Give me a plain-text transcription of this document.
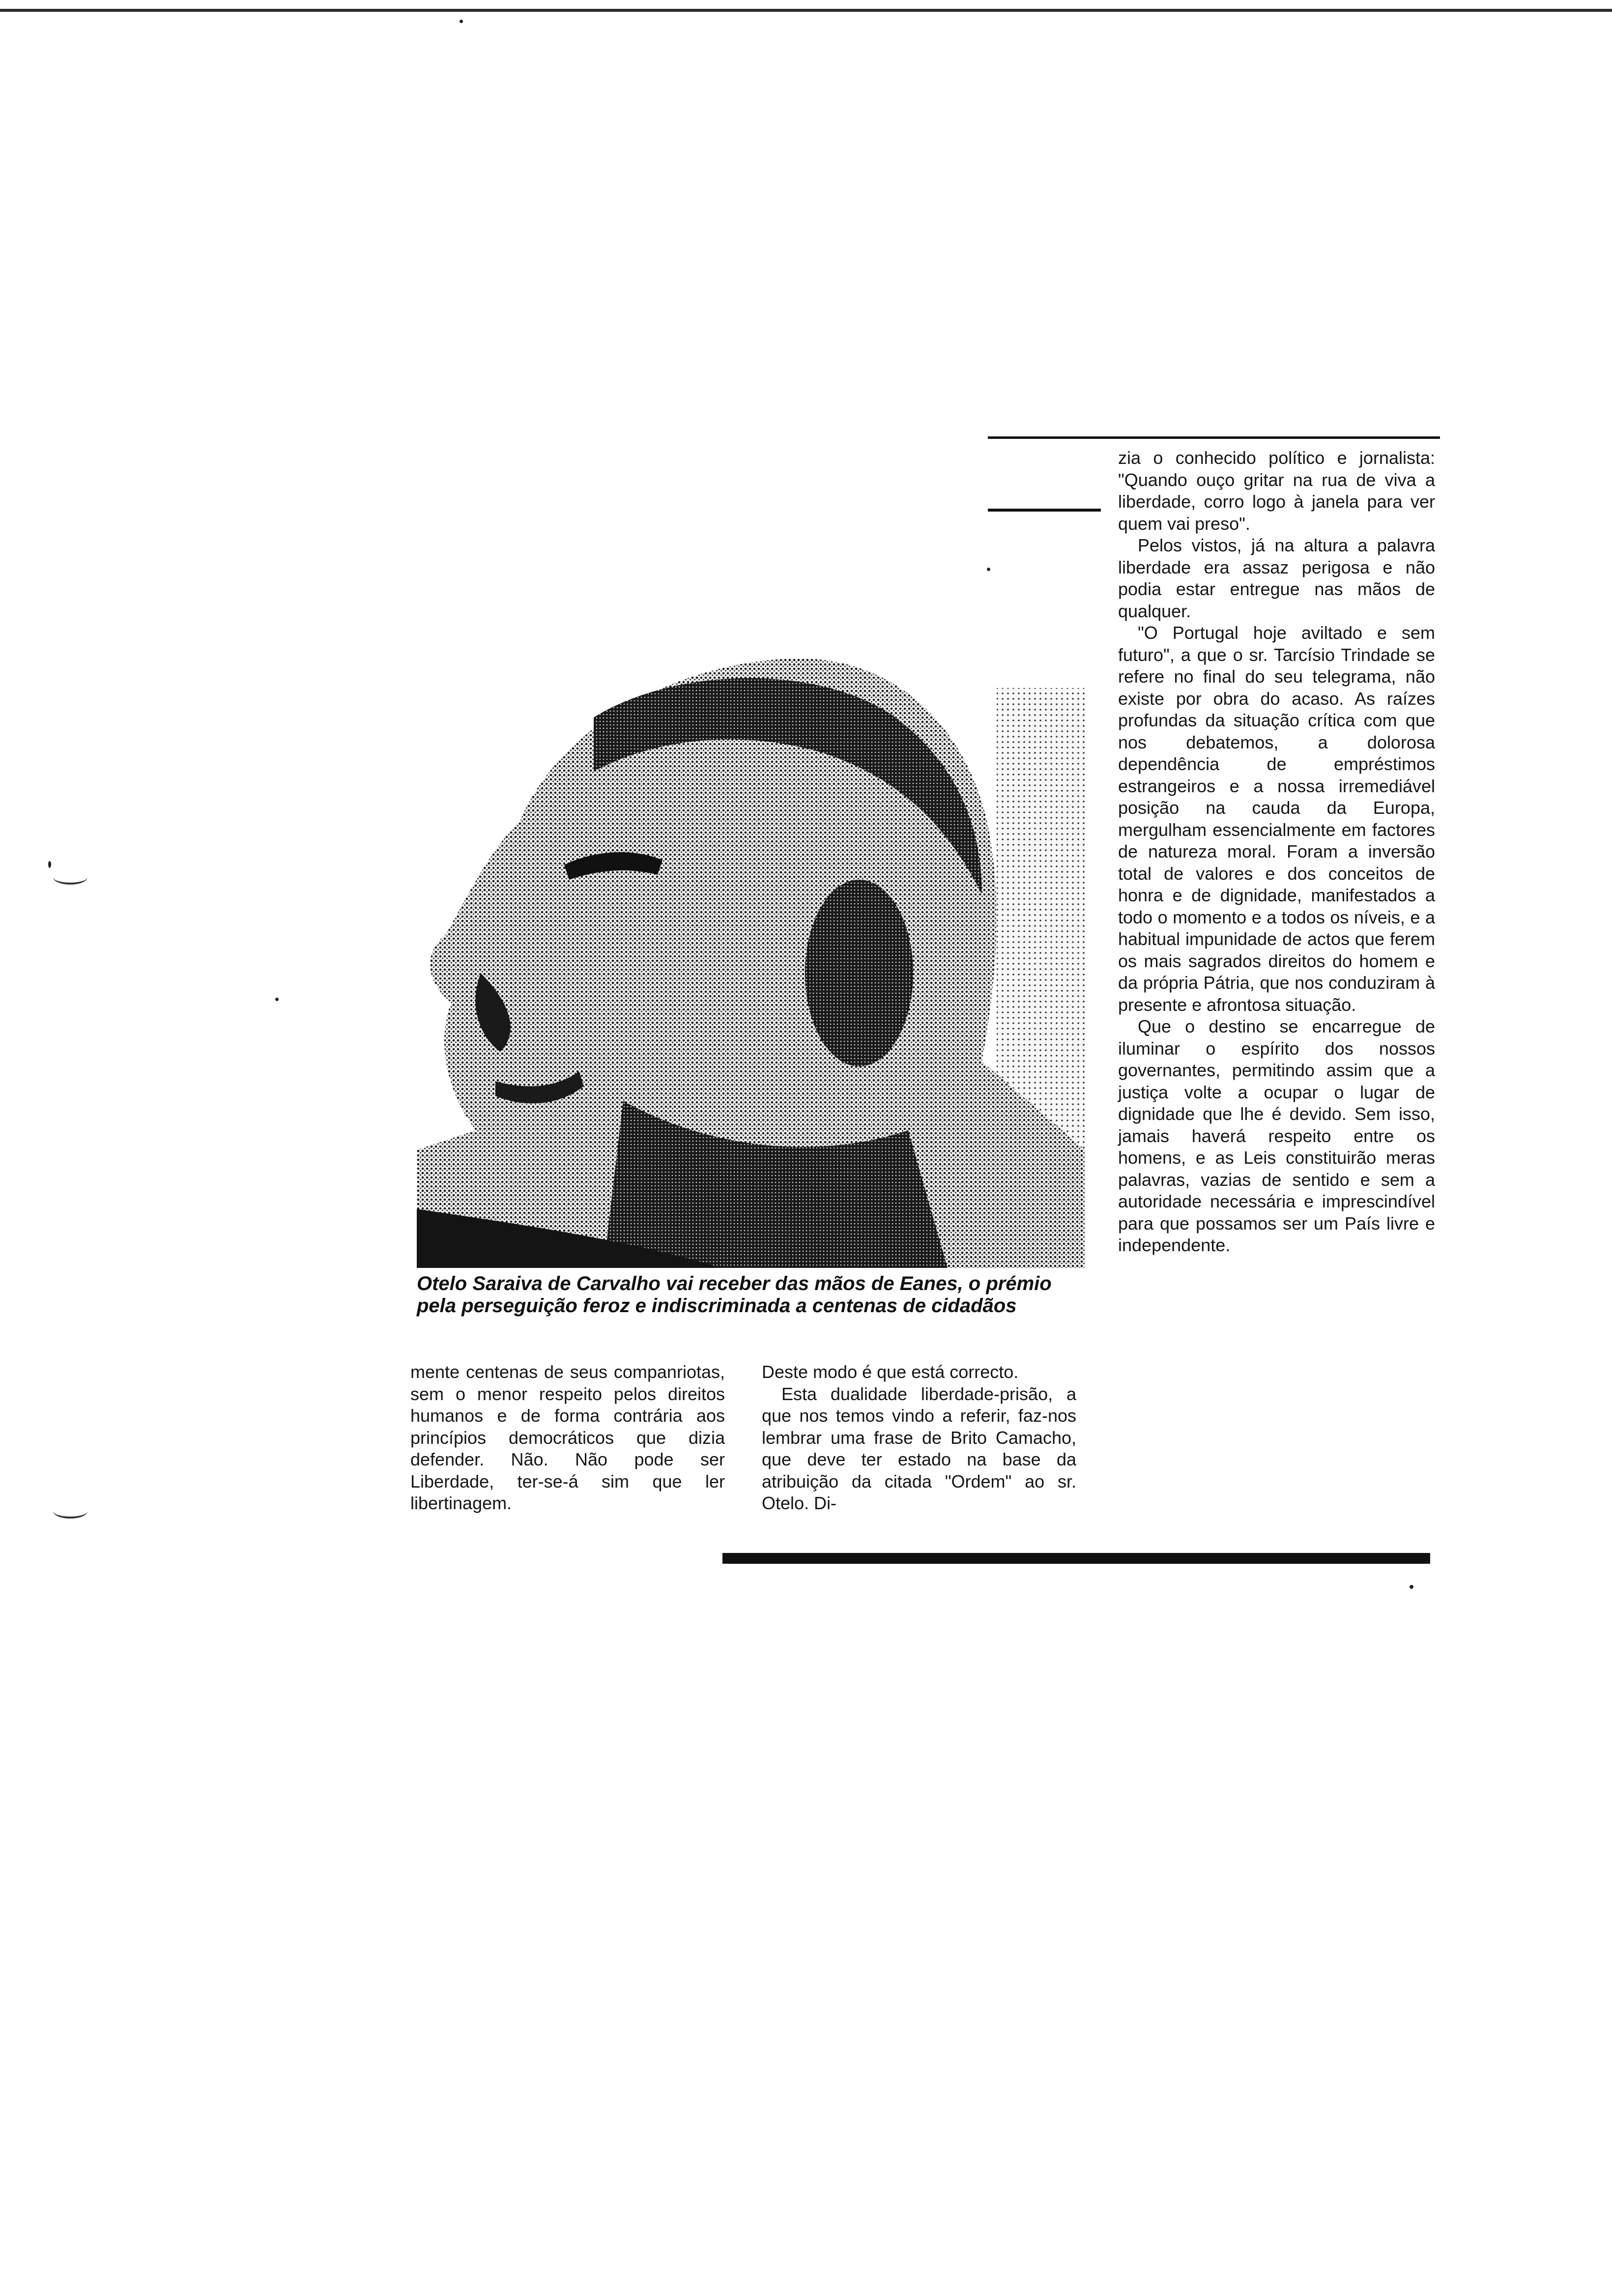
Otelo Saraiva de Carvalho vai receber das mãos de Eanes, o prémio pela perseguição feroz e indiscriminada a centenas de cidadãos

mente centenas de seus companriotas, sem o menor respeito pelos direitos humanos e de forma contrária aos princípios democráticos que dizia defender. Não. Não pode ser Liberdade, ter-se-á sim que ler libertinagem.

Deste modo é que está correcto.

Esta dualidade liberdade-prisão, a que nos temos vindo a referir, faz-nos lembrar uma frase de Brito Camacho, que deve ter estado na base da atribuição da citada "Ordem" ao sr. Otelo. Di-

zia o conhecido político e jornalista: "Quando ouço gritar na rua de viva a liberdade, corro logo à janela para ver quem vai preso".

Pelos vistos, já na altura a palavra liberdade era assaz perigosa e não podia estar entregue nas mãos de qualquer.

"O Portugal hoje aviltado e sem futuro", a que o sr. Tarcísio Trindade se refere no final do seu telegrama, não existe por obra do acaso. As raízes profundas da situação crítica com que nos debatemos, a dolorosa dependência de empréstimos estrangeiros e a nossa irremediável posição na cauda da Europa, mergulham essencialmente em factores de natureza moral. Foram a inversão total de valores e dos conceitos de honra e de dignidade, manifestados a todo o momento e a todos os níveis, e a habitual impunidade de actos que ferem os mais sagrados direitos do homem e da própria Pátria, que nos conduziram à presente e afrontosa situação.

Que o destino se encarregue de iluminar o espírito dos nossos governantes, permitindo assim que a justiça volte a ocupar o lugar de dignidade que lhe é devido. Sem isso, jamais haverá respeito entre os homens, e as Leis constituirão meras palavras, vazias de sentido e sem a autoridade necessária e imprescindível para que possamos ser um País livre e independente.
